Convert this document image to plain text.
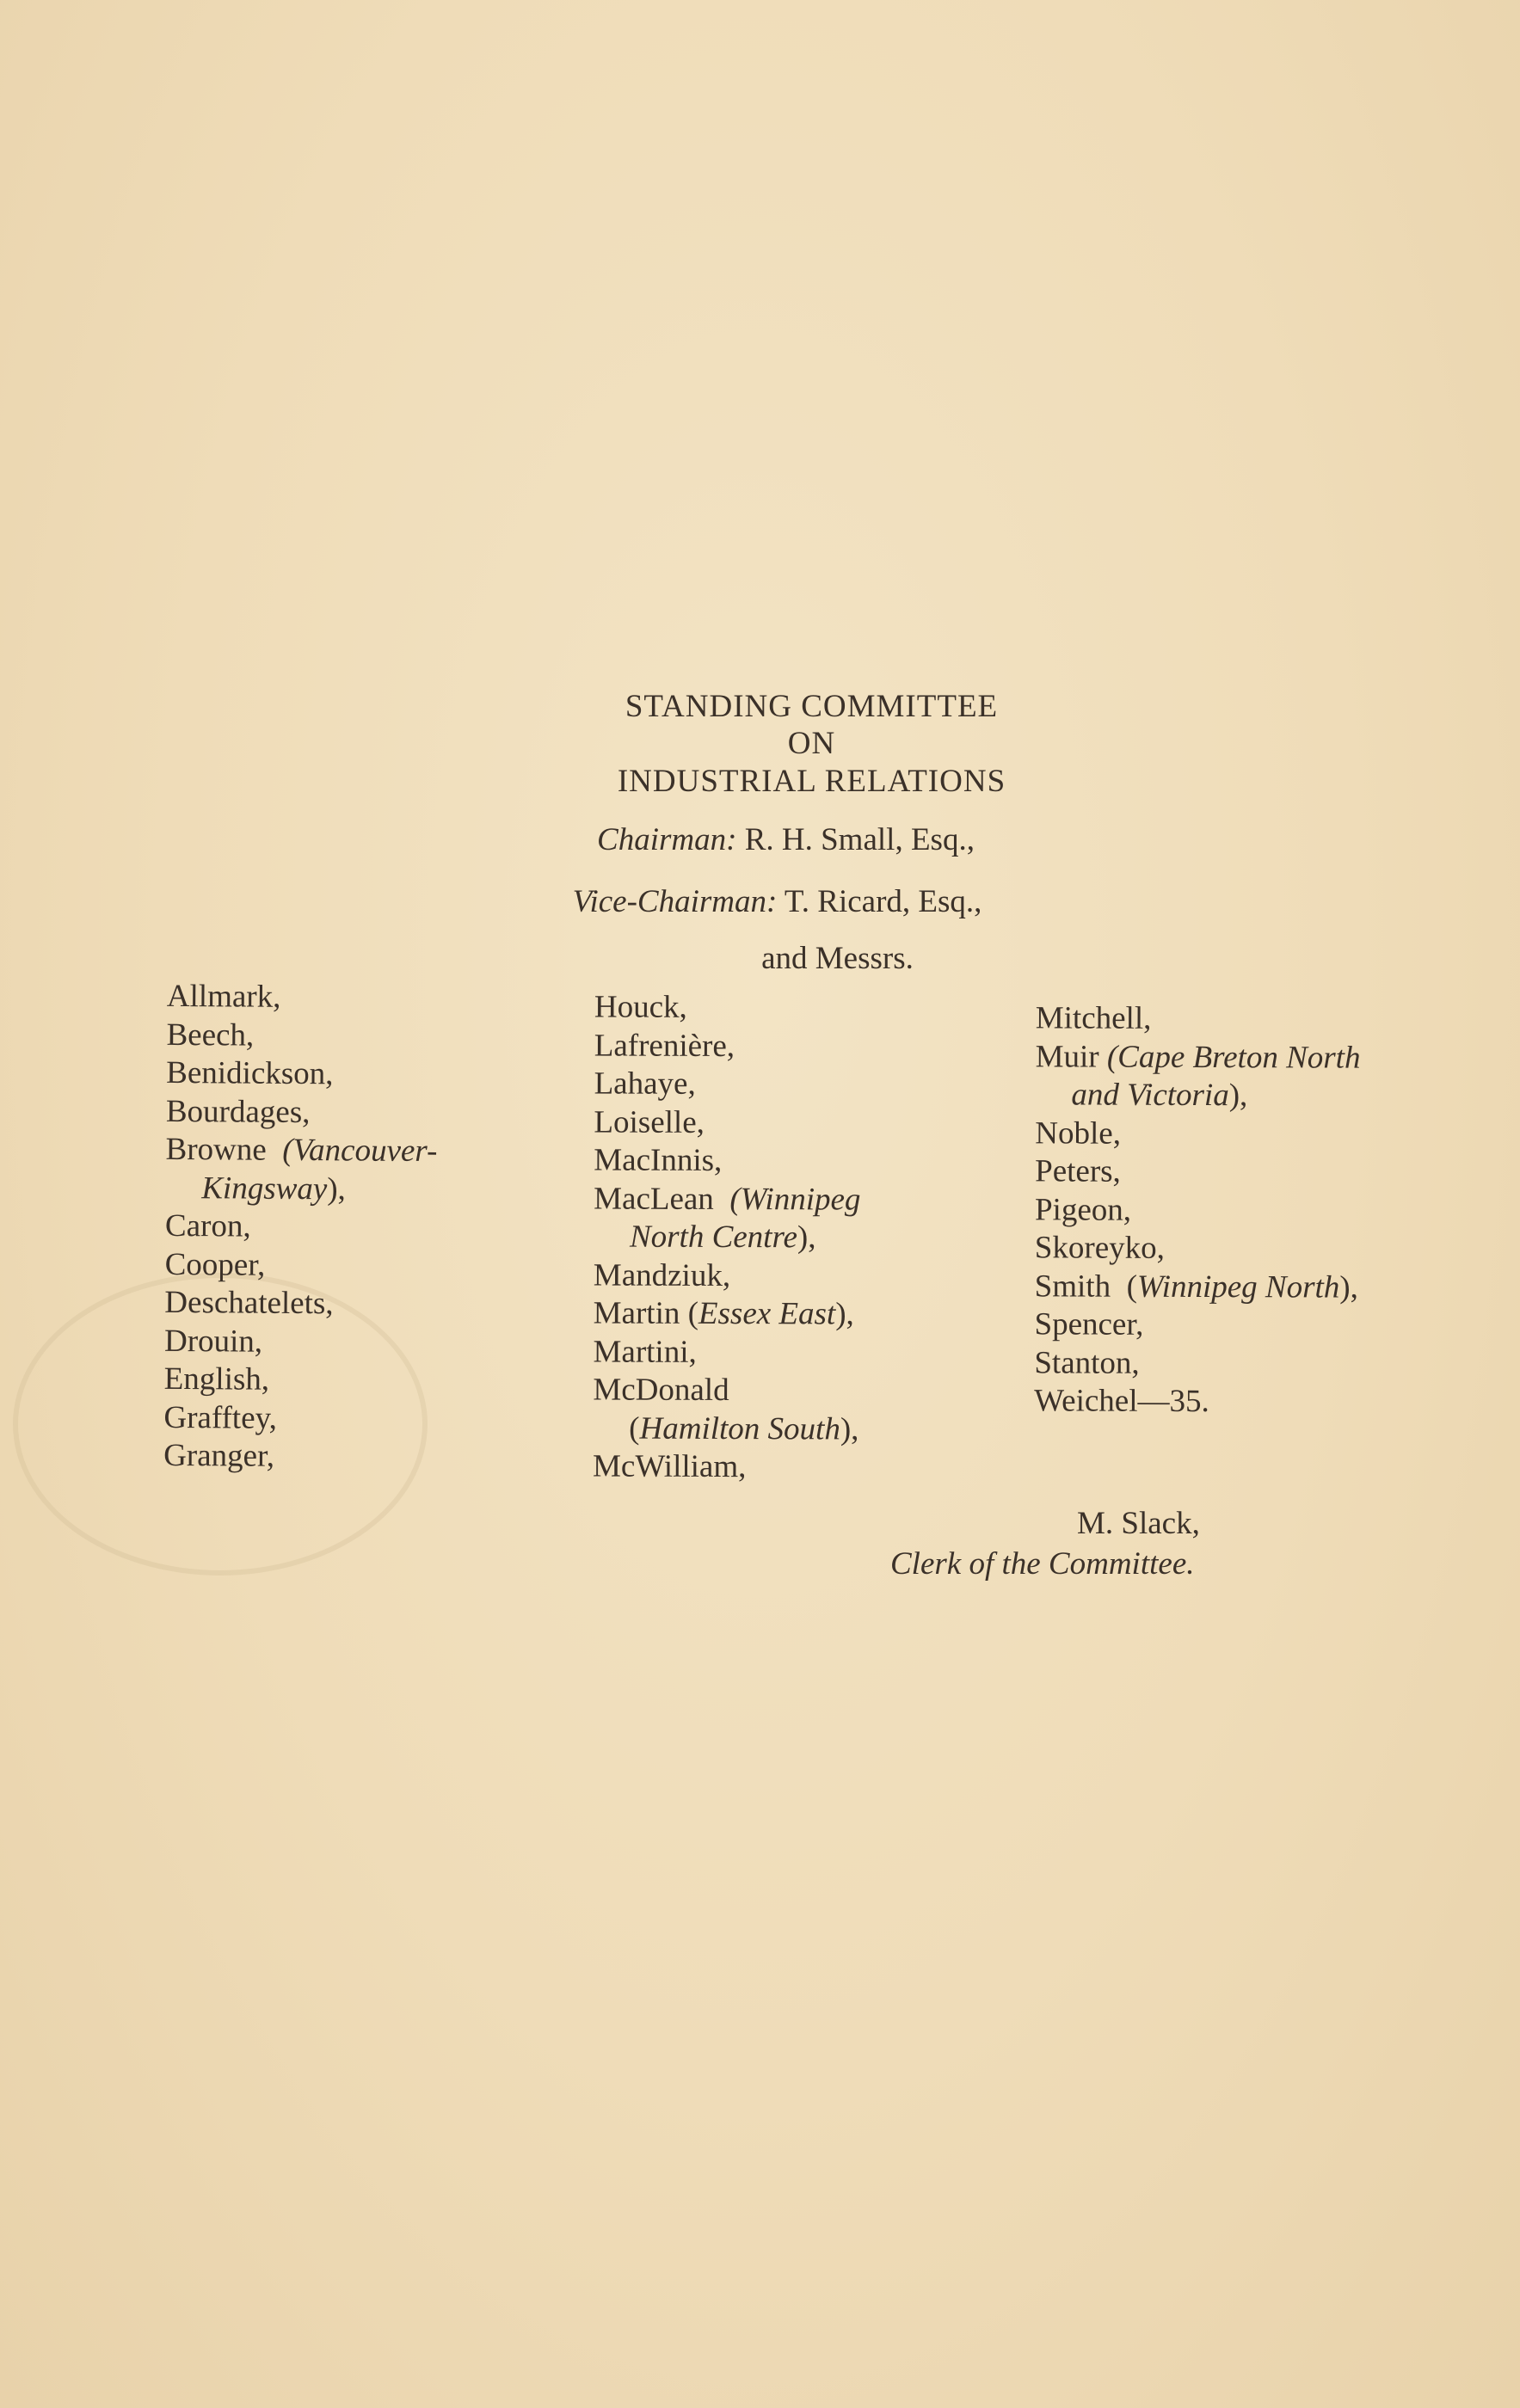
STANDING COMMITTEE
ON
INDUSTRIAL RELATIONS
Chairman: R. H. Small, Esq.,
Vice-Chairman: T. Ricard, Esq.,
and Messrs.
Allmark,
Beech,
Benidickson,
Bourdages,
Browne (Vancouver-
Kingsway),
Caron,
Cooper,
Deschatelets,
Drouin,
English,
Grafftey,
Granger,
Houck,
Lafrenière,
Lahaye,
Loiselle,
MacInnis,
MacLean (Winnipeg
North Centre),
Mandziuk,
Martin (Essex East),
Martini,
McDonald
(Hamilton South),
McWilliam,
Mitchell,
Muir (Cape Breton North
and Victoria),
Noble,
Peters,
Pigeon,
Skoreyko,
Smith  (Winnipeg North),
Spencer,
Stanton,
Weichel—35.
M. Slack,
Clerk of the Committee.
